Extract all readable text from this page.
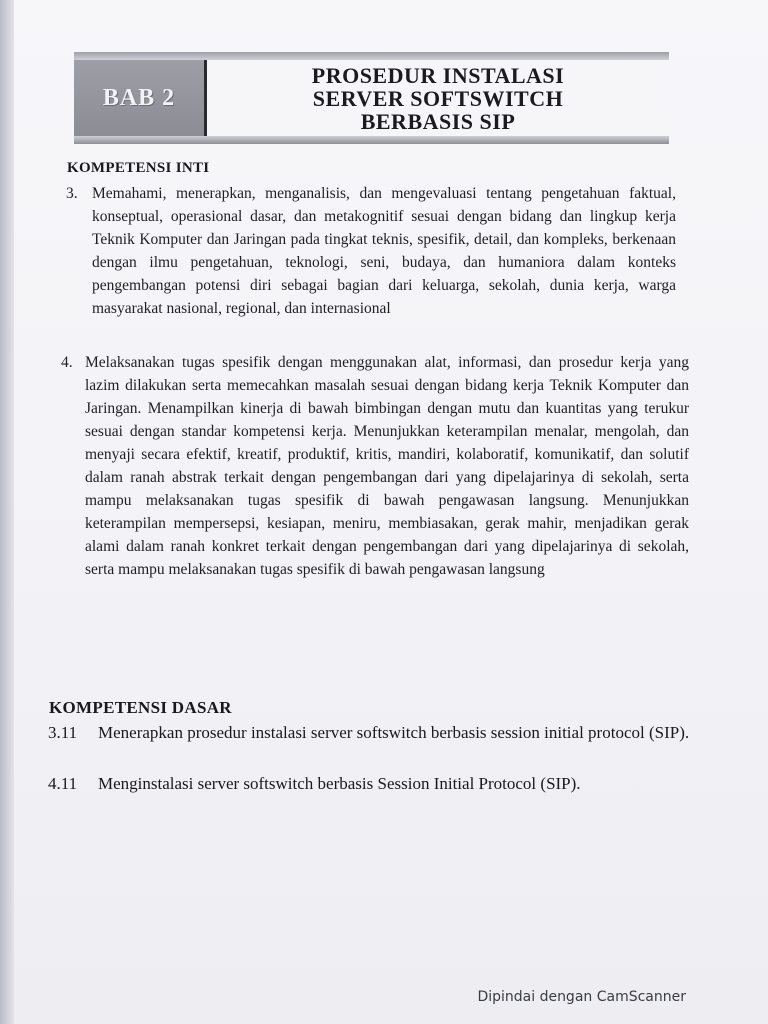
BAB 2
PROSEDUR INSTALASI
SERVER SOFTSWITCH
BERBASIS SIP
KOMPETENSI INTI
3. Memahami, menerapkan, menganalisis, dan mengevaluasi tentang pengetahuan faktual, konseptual, operasional dasar, dan metakognitif sesuai dengan bidang dan lingkup kerja Teknik Komputer dan Jaringan pada tingkat teknis, spesifik, detail, dan kompleks, berkenaan dengan ilmu pengetahuan, teknologi, seni, budaya, dan humaniora dalam konteks pengembangan potensi diri sebagai bagian dari keluarga, sekolah, dunia kerja, warga masyarakat nasional, regional, dan internasional
4. Melaksanakan tugas spesifik dengan menggunakan alat, informasi, dan prosedur kerja yang lazim dilakukan serta memecahkan masalah sesuai dengan bidang kerja Teknik Komputer dan Jaringan. Menampilkan kinerja di bawah bimbingan dengan mutu dan kuantitas yang terukur sesuai dengan standar kompetensi kerja. Menunjukkan keterampilan menalar, mengolah, dan menyaji secara efektif, kreatif, produktif, kritis, mandiri, kolaboratif, komunikatif, dan solutif dalam ranah abstrak terkait dengan pengembangan dari yang dipelajarinya di sekolah, serta mampu melaksanakan tugas spesifik di bawah pengawasan langsung. Menunjukkan keterampilan mempersepsi, kesiapan, meniru, membiasakan, gerak mahir, menjadikan gerak alami dalam ranah konkret terkait dengan pengembangan dari yang dipelajarinya di sekolah, serta mampu melaksanakan tugas spesifik di bawah pengawasan langsung
KOMPETENSI DASAR
3.11 Menerapkan prosedur instalasi server softswitch berbasis session initial protocol (SIP).
4.11 Menginstalasi server softswitch berbasis Session Initial Protocol (SIP).
Dipindai dengan CamScanner
